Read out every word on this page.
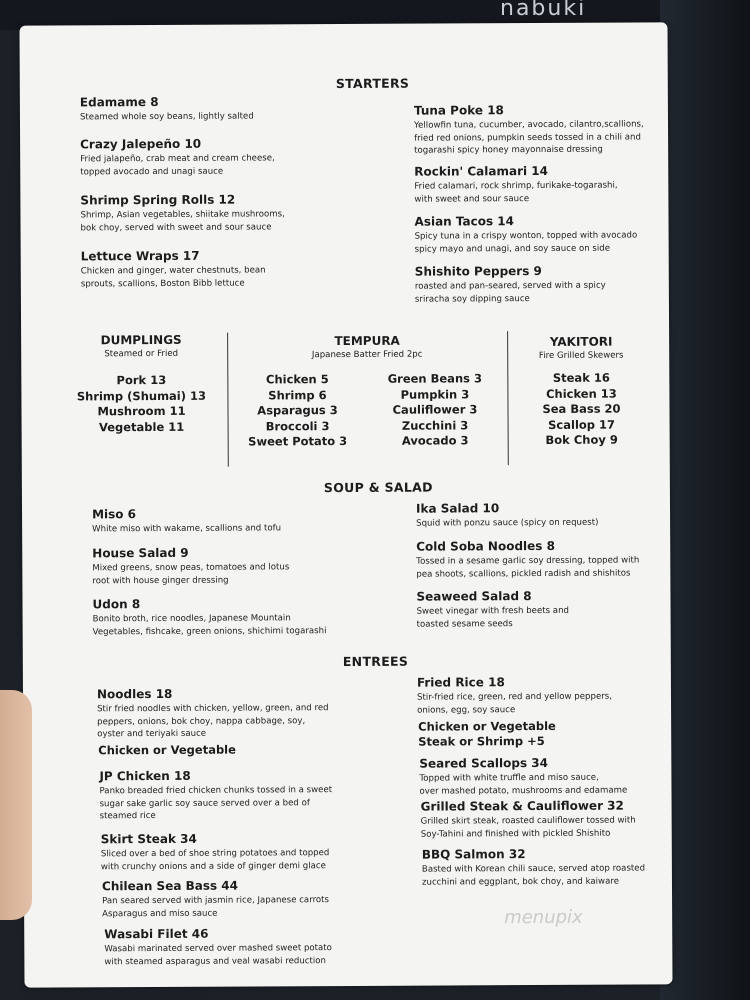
nabuki
STARTERS
Edamame 8
Steamed whole soy beans, lightly salted
Crazy Jalepeño 10
Fried jalapeño, crab meat and cream cheese,
topped avocado and unagi sauce
Shrimp Spring Rolls 12
Shrimp, Asian vegetables, shiitake mushrooms,
bok choy, served with sweet and sour sauce
Lettuce Wraps 17
Chicken and ginger, water chestnuts, bean
sprouts, scallions, Boston Bibb lettuce
Tuna Poke 18
Yellowfin tuna, cucumber, avocado, cilantro,scallions,
fried red onions, pumpkin seeds tossed in a chili and
togarashi spicy honey mayonnaise dressing
Rockin' Calamari 14
Fried calamari, rock shrimp, furikake-togarashi,
with sweet and sour sauce
Asian Tacos 14
Spicy tuna in a crispy wonton, topped with avocado
spicy mayo and unagi, and soy sauce on side
Shishito Peppers 9
roasted and pan-seared, served with a spicy
sriracha soy dipping sauce
DUMPLINGS
Steamed or Fried
Pork 13
Shrimp (Shumai) 13
Mushroom 11
Vegetable 11
TEMPURA
Japanese Batter Fried 2pc
Chicken 5
Shrimp 6
Asparagus 3
Broccoli 3
Sweet Potato 3
Green Beans 3
Pumpkin 3
Cauliflower 3
Zucchini 3
Avocado 3
YAKITORI
Fire Grilled Skewers
Steak 16
Chicken 13
Sea Bass 20
Scallop 17
Bok Choy 9
SOUP & SALAD
Miso 6
White miso with wakame, scallions and tofu
House Salad 9
Mixed greens, snow peas, tomatoes and lotus
root with house ginger dressing
Udon 8
Bonito broth, rice noodles, Japanese Mountain
Vegetables, fishcake, green onions, shichimi togarashi
Ika Salad 10
Squid with ponzu sauce (spicy on request)
Cold Soba Noodles 8
Tossed in a sesame garlic soy dressing, topped with
pea shoots, scallions, pickled radish and shishitos
Seaweed Salad 8
Sweet vinegar with fresh beets and
toasted sesame seeds
ENTREES
Noodles 18
Stir fried noodles with chicken, yellow, green, and red
peppers, onions, bok choy, nappa cabbage, soy,
oyster and teriyaki sauce
Chicken or Vegetable
JP Chicken 18
Panko breaded fried chicken chunks tossed in a sweet
sugar sake garlic soy sauce served over a bed of
steamed rice
Skirt Steak 34
Sliced over a bed of shoe string potatoes and topped
with crunchy onions and a side of ginger demi glace
Chilean Sea Bass 44
Pan seared served with jasmin rice, Japanese carrots
Asparagus and miso sauce
Wasabi Filet 46
Wasabi marinated served over mashed sweet potato
with steamed asparagus and veal wasabi reduction
Fried Rice 18
Stir-fried rice, green, red and yellow peppers,
onions, egg, soy sauce
Chicken or Vegetable
Steak or Shrimp +5
Seared Scallops 34
Topped with white truffle and miso sauce,
over mashed potato, mushrooms and edamame
Grilled Steak & Cauliflower 32
Grilled skirt steak, roasted cauliflower tossed with
Soy-Tahini and finished with pickled Shishito
BBQ Salmon 32
Basted with Korean chili sauce, served atop roasted
zucchini and eggplant, bok choy, and kaiware
menupix
